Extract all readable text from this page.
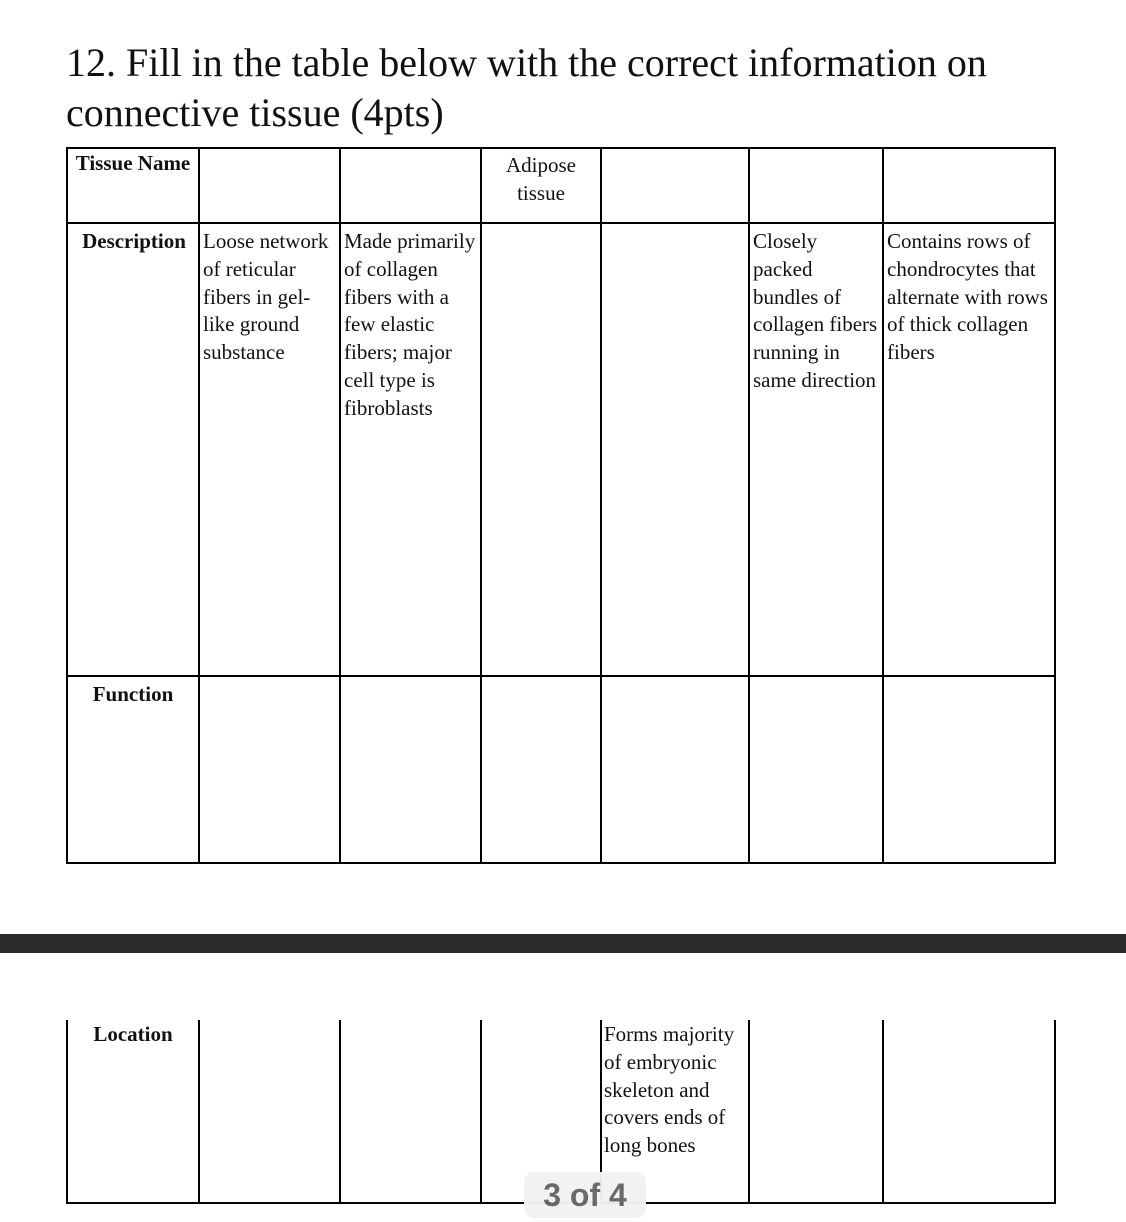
12. Fill in the table below with the correct information on
connective tissue (4pts)
Tissue Name
Description
Function
Adipose tissue
Loose network of reticular fibers in gel-like ground substance
Made primarily of collagen fibers with a few elastic fibers; major cell type is fibroblasts
Closely packed bundles of collagen fibers running in same direction
Contains rows of chondrocytes that alternate with rows of thick collagen fibers
Location	Forms majority of embryonic skeleton and covers ends of long bones
3 of 4
